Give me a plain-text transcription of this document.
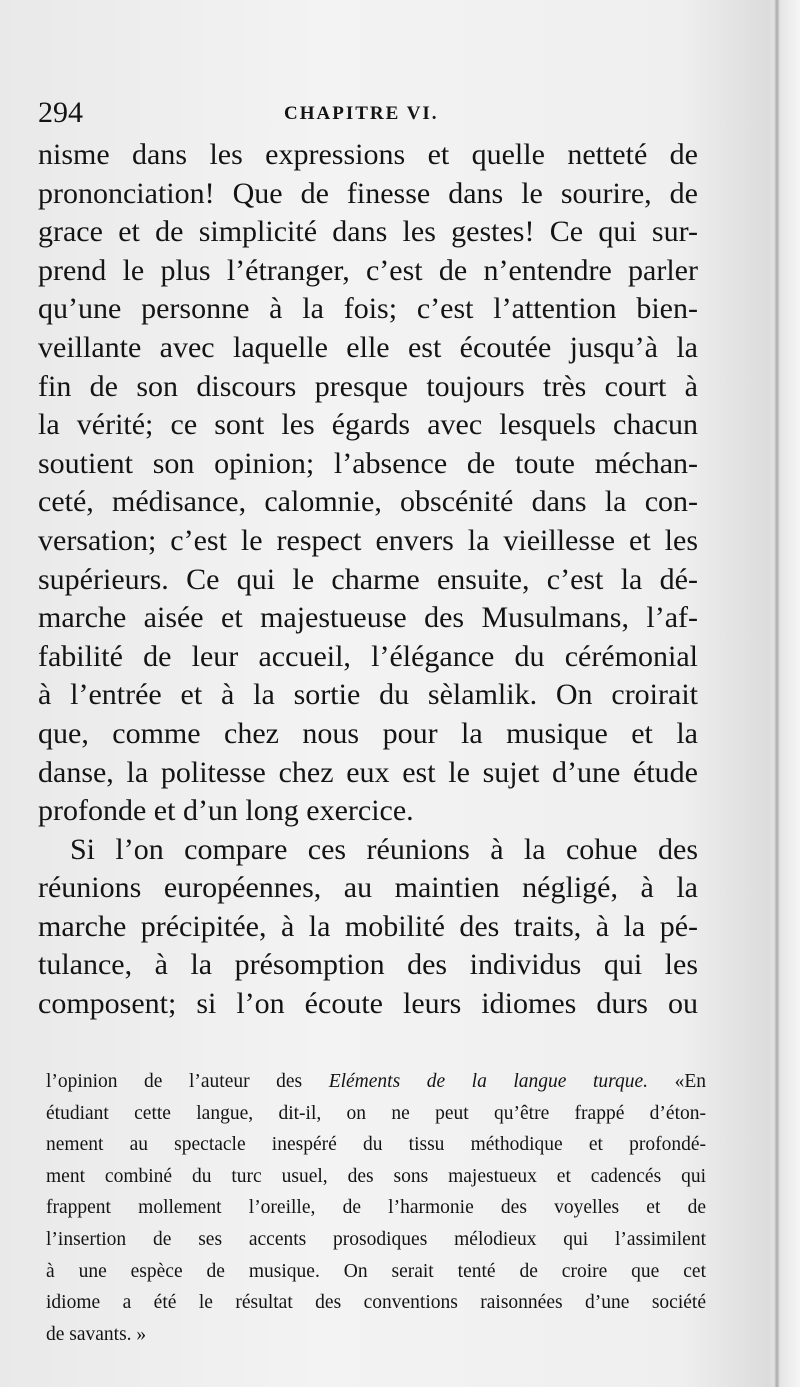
294	CHAPITRE VI.
nisme dans les expressions et quelle netteté de
prononciation! Que de finesse dans le sourire, de
grace et de simplicité dans les gestes! Ce qui sur-
prend le plus l’étranger, c’est de n’entendre parler
qu’une personne à la fois; c’est l’attention bien-
veillante avec laquelle elle est écoutée jusqu’à la
fin de son discours presque toujours très court à
la vérité; ce sont les égards avec lesquels chacun
soutient son opinion; l’absence de toute méchan-
ceté, médisance, calomnie, obscénité dans la con-
versation; c’est le respect envers la vieillesse et les
supérieurs. Ce qui le charme ensuite, c’est la dé-
marche aisée et majestueuse des Musulmans, l’af-
fabilité de leur accueil, l’élégance du cérémonial
à l’entrée et à la sortie du sèlamlik. On croirait
que, comme chez nous pour la musique et la
danse, la politesse chez eux est le sujet d’une étude
profonde et d’un long exercice.
Si l’on compare ces réunions à la cohue des
réunions européennes, au maintien négligé, à la
marche précipitée, à la mobilité des traits, à la pé-
tulance, à la présomption des individus qui les
composent; si l’on écoute leurs idiomes durs ou
l’opinion de l’auteur des Eléments de la langue turque. «En
étudiant cette langue, dit-il, on ne peut qu’être frappé d’éton-
nement au spectacle inespéré du tissu méthodique et profondé-
ment combiné du turc usuel, des sons majestueux et cadencés qui
frappent mollement l’oreille, de l’harmonie des voyelles et de
l’insertion de ses accents prosodiques mélodieux qui l’assimilent
à une espèce de musique. On serait tenté de croire que cet
idiome a été le résultat des conventions raisonnées d’une société
de savants. »
